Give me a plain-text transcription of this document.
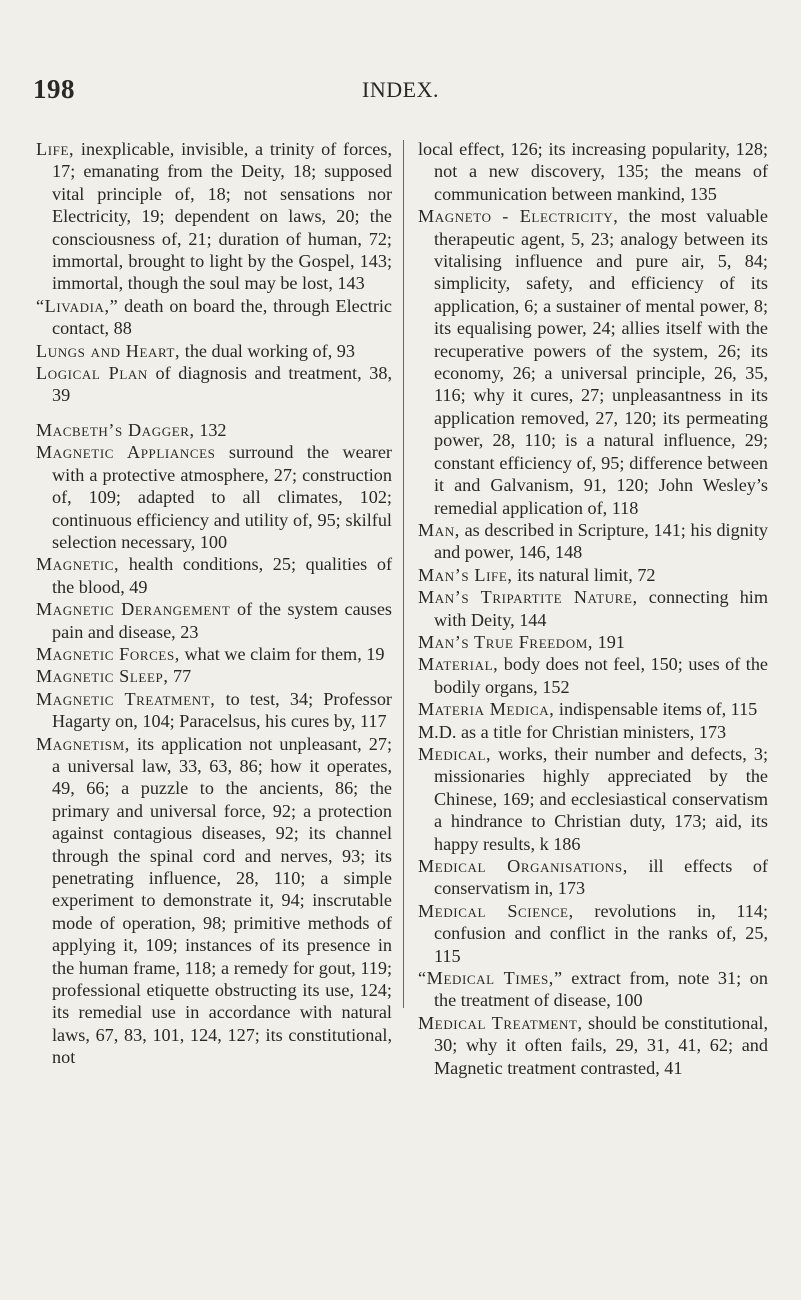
198	INDEX.
Life, inexplicable, invisible, a trinity of forces, 17; emanating from the Deity, 18; supposed vital principle of, 18; not sensations nor Electricity, 19; dependent on laws, 20; the consciousness of, 21; duration of human, 72; immortal, brought to light by the Gospel, 143; immortal, though the soul may be lost, 143
“Livadia,” death on board the, through Electric contact, 88
Lungs and Heart, the dual working of, 93
Logical Plan of diagnosis and treatment, 38, 39
Macbeth’s Dagger, 132
Magnetic Appliances surround the wearer with a protective atmosphere, 27; construction of, 109; adapted to all climates, 102; continuous efficiency and utility of, 95; skilful selection necessary, 100
Magnetic, health conditions, 25; qualities of the blood, 49
Magnetic Derangement of the system causes pain and disease, 23
Magnetic Forces, what we claim for them, 19
Magnetic Sleep, 77
Magnetic Treatment, to test, 34; Professor Hagarty on, 104; Paracelsus, his cures by, 117
Magnetism, its application not unpleasant, 27; a universal law, 33, 63, 86; how it operates, 49, 66; a puzzle to the ancients, 86; the primary and universal force, 92; a protection against contagious diseases, 92; its channel through the spinal cord and nerves, 93; its penetrating influence, 28, 110; a simple experiment to demonstrate it, 94; inscrutable mode of operation, 98; primitive methods of applying it, 109; instances of its presence in the human frame, 118; a remedy for gout, 119; professional etiquette obstructing its use, 124; its remedial use in accordance with natural laws, 67, 83, 101, 124, 127; its constitutional, not
local effect, 126; its increasing popularity, 128; not a new discovery, 135; the means of communication between mankind, 135
Magneto - Electricity, the most valuable therapeutic agent, 5, 23; analogy between its vitalising influence and pure air, 5, 84; simplicity, safety, and efficiency of its application, 6; a sustainer of mental power, 8; its equalising power, 24; allies itself with the recuperative powers of the system, 26; its economy, 26; a universal principle, 26, 35, 116; why it cures, 27; unpleasantness in its application removed, 27, 120; its permeating power, 28, 110; is a natural influence, 29; constant efficiency of, 95; difference between it and Galvanism, 91, 120; John Wesley’s remedial application of, 118
Man, as described in Scripture, 141; his dignity and power, 146, 148
Man’s Life, its natural limit, 72
Man’s Tripartite Nature, connecting him with Deity, 144
Man’s True Freedom, 191
Material, body does not feel, 150; uses of the bodily organs, 152
Materia Medica, indispensable items of, 115
M.D. as a title for Christian ministers, 173
Medical, works, their number and defects, 3; missionaries highly appreciated by the Chinese, 169; and ecclesiastical conservatism a hindrance to Christian duty, 173; aid, its happy results, k 186
Medical Organisations, ill effects of conservatism in, 173
Medical Science, revolutions in, 114; confusion and conflict in the ranks of, 25, 115
“Medical Times,” extract from, note 31; on the treatment of disease, 100
Medical Treatment, should be constitutional, 30; why it often fails, 29, 31, 41, 62; and Magnetic treatment contrasted, 41
